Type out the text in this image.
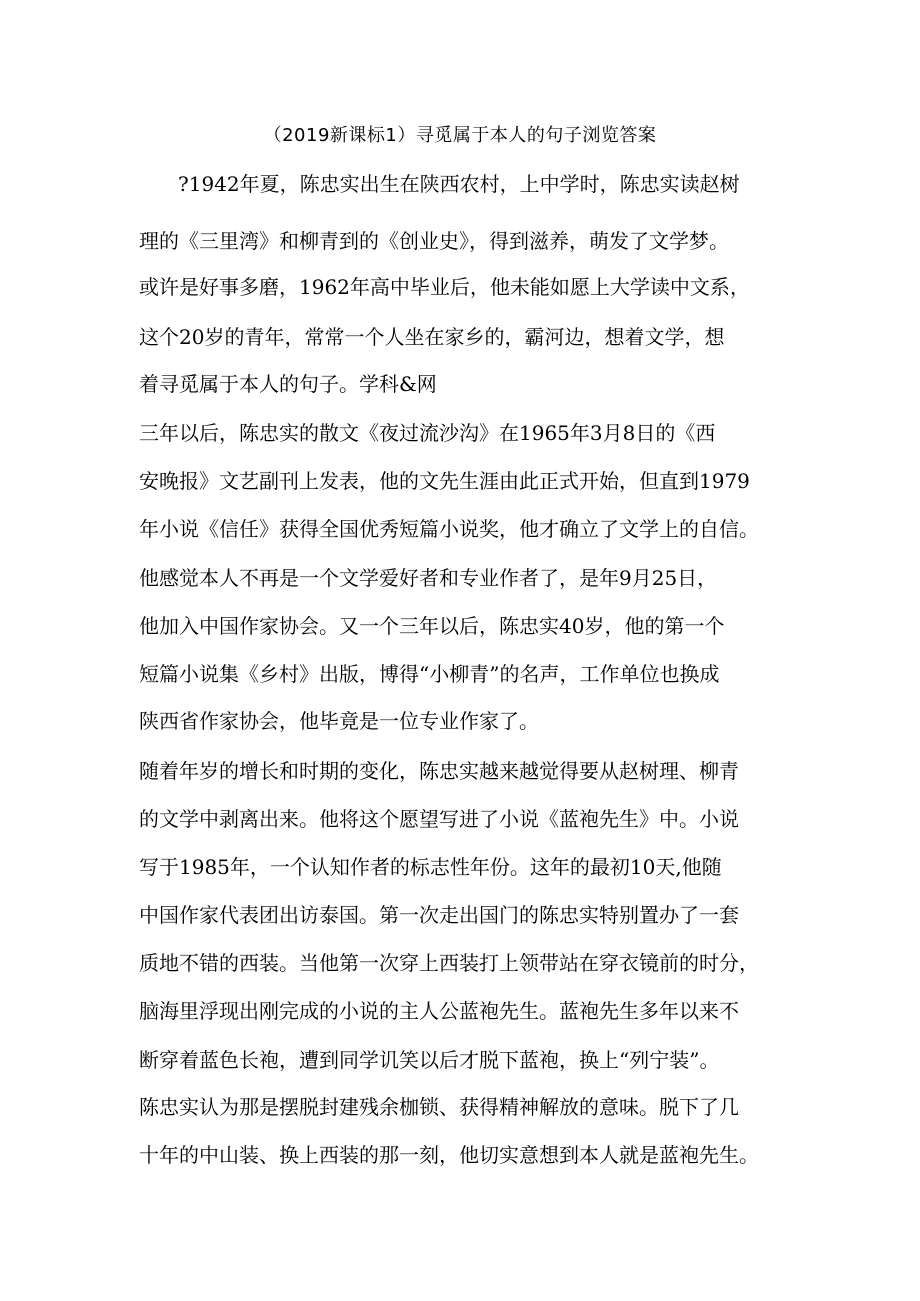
（2019新课标1）寻觅属于本人的句子浏览答案

?1942年夏，陈忠实出生在陕西农村，上中学时，陈忠实读赵树

理的《三里湾》和柳青到的《创业史》，得到滋养，萌发了文学梦。

或许是好事多磨，1962年高中毕业后，他未能如愿上大学读中文系，

这个20岁的青年，常常一个人坐在家乡的，霸河边，想着文学，想

着寻觅属于本人的句子。学科&网

三年以后，陈忠实的散文《夜过流沙沟》在1965年3月8日的《西

安晚报》文艺副刊上发表，他的文先生涯由此正式开始，但直到1979

年小说《信任》获得全国优秀短篇小说奖，他才确立了文学上的自信。

他感觉本人不再是一个文学爱好者和专业作者了，是年9月25日，

他加入中国作家协会。又一个三年以后，陈忠实40岁，他的第一个

短篇小说集《乡村》出版，博得“小柳青”的名声，工作单位也换成

陕西省作家协会，他毕竟是一位专业作家了。

随着年岁的增长和时期的变化，陈忠实越来越觉得要从赵树理、柳青

的文学中剥离出来。他将这个愿望写进了小说《蓝袍先生》中。小说

写于1985年，一个认知作者的标志性年份。这年的最初10天,他随

中国作家代表团出访泰国。第一次走出国门的陈忠实特别置办了一套

质地不错的西装。当他第一次穿上西装打上领带站在穿衣镜前的时分，

脑海里浮现出刚完成的小说的主人公蓝袍先生。蓝袍先生多年以来不

断穿着蓝色长袍，遭到同学讥笑以后才脱下蓝袍，换上“列宁装”。

陈忠实认为那是摆脱封建残余枷锁、获得精神解放的意味。脱下了几

十年的中山装、换上西装的那一刻，他切实意想到本人就是蓝袍先生。
